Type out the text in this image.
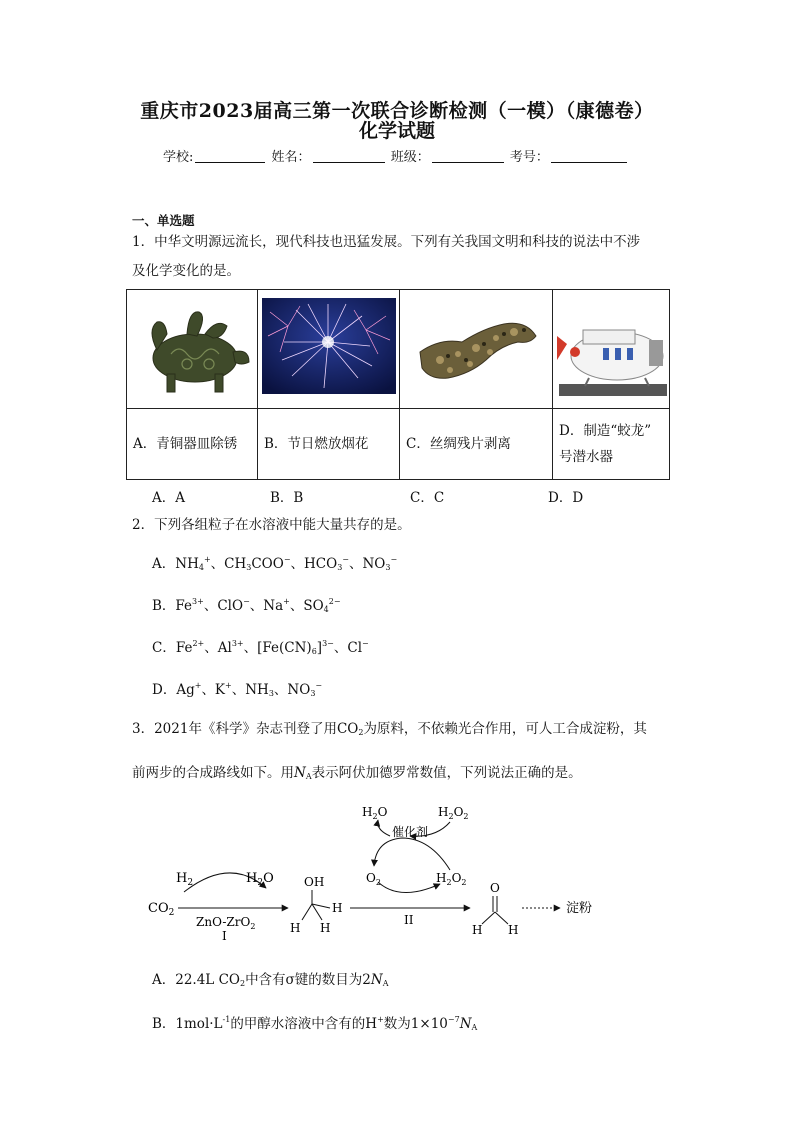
重庆市2023届高三第一次联合诊断检测（一模）（康德卷）
化学试题
学校:	姓名：	班级：	考号：
一、单选题
1．中华文明源远流长，现代科技也迅猛发展。下列有关我国文明和科技的说法中不涉
及化学变化的是。

A．青铜器皿除锈	B．节日燃放烟花	C．丝绸残片剥离	D．制造“蛟龙”
号潜水器
A．A	B．B	C．C	D．D
2．下列各组粒子在水溶液中能大量共存的是。
A．$NH_4^+$、$CH_3COO^-$、$HCO_3^-$、$NO_3^-$
B．$Fe^{3+}$、ClO−、Na+、$SO_4^{2-}$
C．$Fe^{2+}$、$Al^{3+}$、$[Fe(CN)_6]^{3-}$、Cl−
D．Ag+、K+、$NH_3$、$NO_3^-$
3．2021年《科学》杂志刊登了用$CO_2$为原料，不依赖光合作用，可人工合成淀粉，其
前两步的合成路线如下。用$N_A$表示阿伏加德罗常数值，下列说法正确的是。
$CO_2$
$H_2$	$H_2O$
ZnO-ZrO$_2$
I
OH
H
H H
II
$H_2O$	$H_2O_2$
催化剂
$O_2$	$H_2O_2$ O
H H
淀粉
A．22.4L $CO_2$中含有σ键的数目为$2N_A$
B．$1mol\cdot L^{-1}$的甲醇水溶液中含有的H+数为$1\times 10^{-7}N_A$
